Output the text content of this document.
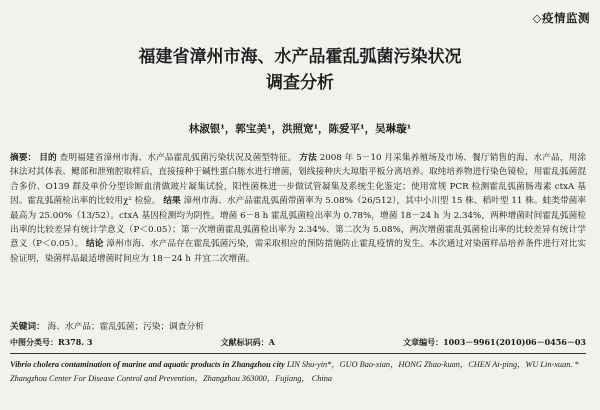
◇疫情监测
福建省漳州市海、水产品霍乱弧菌污染状况
调查分析
林淑银¹，郭宝美¹，洪照宽¹，陈爱平¹，吴琳璇¹
摘要： 目的 查明福建省漳州市海、水产品霍乱弧菌污染状况及菌型特征。 方法 2008 年 5－10 月采集养殖场及市场、餐厅销售的海、水产品，用涂抹法对其体表、鳃部和泄殖腔取样后，直接接种于碱性蛋白胨水进行增菌，划线接种庆大琼脂平板分离培养。取纯培养物进行染色镜检，用霍乱弧菌混合多价、O139 群及单价分型诊断血清做玻片凝集试验，阳性菌株进一步做试管凝集及系统生化鉴定；使用常规 PCR 检测霍乱弧菌肠毒素 ctxA 基因。霍乱弧菌检出率的比较用χ² 检验。 结果 漳州市海、水产品霍乱弧菌带菌率为 5.08%（26/512），其中小川型 15 株、稻叶型 11 株。蛙类带菌率最高为 25.00%（13/52）。ctxA 基因检测均为阴性。增菌 6－8 h 霍乱弧菌检出率为 0.78%，增菌 18－24 h 为 2.34%，两种增菌时间霍乱弧菌检出率的比较差异有统计学意义（P＜0.05）；第一次增菌霍乱弧菌检出率为 2.34%、第二次为 5.08%，两次增菌霍乱弧菌检出率的比较差异有统计学意义（P＜0.05）。 结论 漳州市海、水产品存在霍乱弧菌污染，需采取相应的预防措施防止霍乱疫情的发生。本次通过对染菌样品培养条件进行对比实验证明，染菌样品最适增菌时间应为 18－24 h 并宜二次增菌。
关键词： 海、水产品；霍乱弧菌；污染；调查分析
中图分类号：R378. 3	文献标识码：A	文章编号：1003－9961(2010)06－0456－03
Vibrio cholera contamination of marine and aquatic products in Zhangzhou city LIN Shu-yin*，GUO Bao-xian，HONG Zhao-kuan，CHEN Ai-ping，WU Lin-xuan. * Zhangzhou Center For Disease Control and Prevention，Zhangzhou 363000，Fujiang， China
